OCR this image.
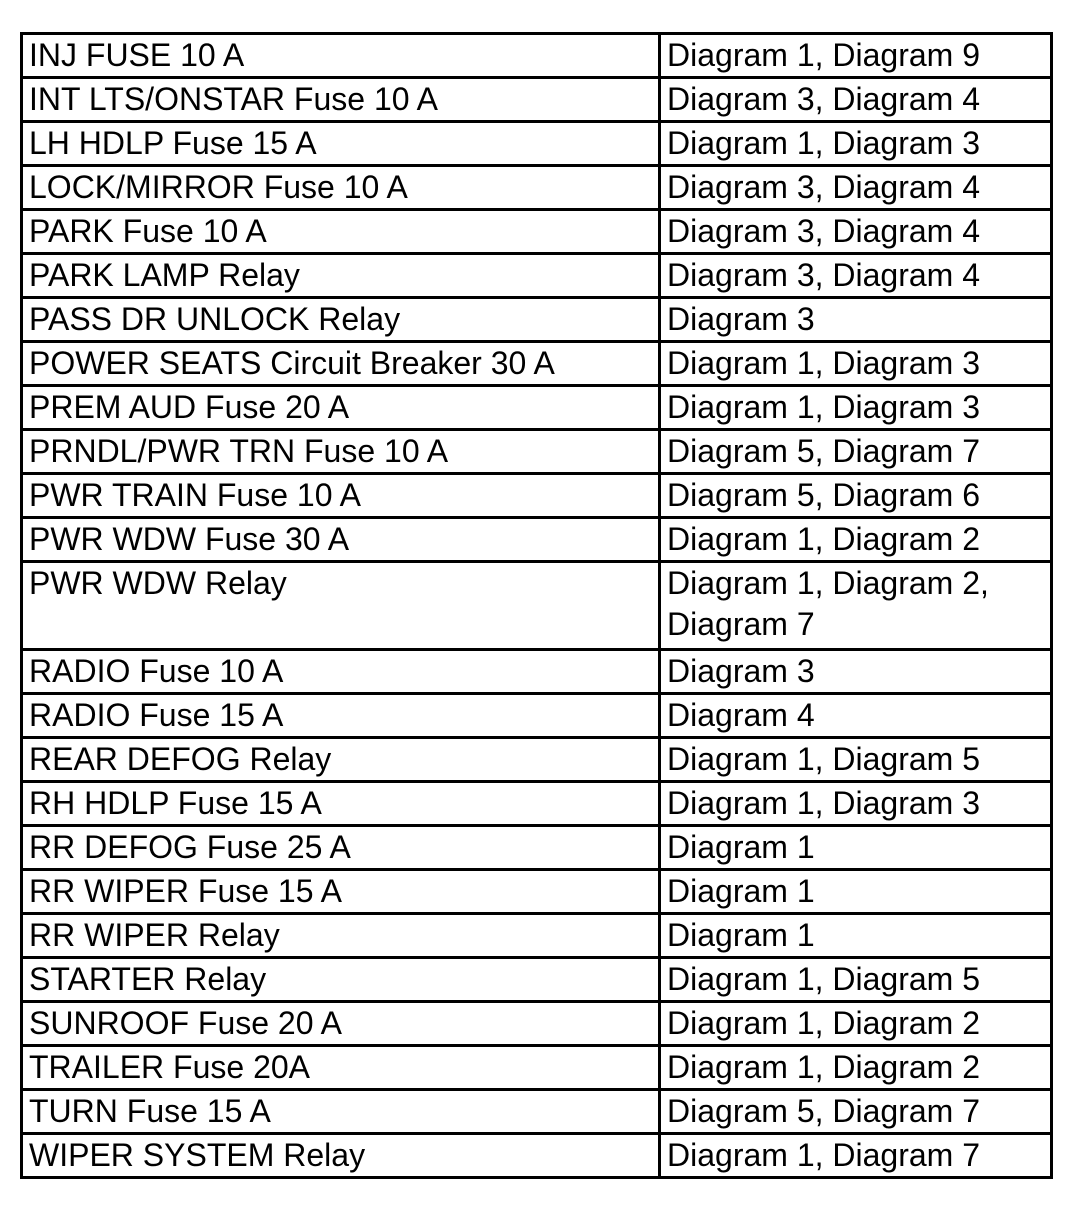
INJ FUSE 10 A	Diagram 1, Diagram 9
INT LTS/ONSTAR Fuse 10 A	Diagram 3, Diagram 4
LH HDLP Fuse 15 A	Diagram 1, Diagram 3
LOCK/MIRROR Fuse 10 A	Diagram 3, Diagram 4
PARK Fuse 10 A	Diagram 3, Diagram 4
PARK LAMP Relay	Diagram 3, Diagram 4
PASS DR UNLOCK Relay	Diagram 3
POWER SEATS Circuit Breaker 30 A	Diagram 1, Diagram 3
PREM AUD Fuse 20 A	Diagram 1, Diagram 3
PRNDL/PWR TRN Fuse 10 A	Diagram 5, Diagram 7
PWR TRAIN Fuse 10 A	Diagram 5, Diagram 6
PWR WDW Fuse 30 A	Diagram 1, Diagram 2
PWR WDW Relay	Diagram 1, Diagram 2, Diagram 7
RADIO Fuse 10 A	Diagram 3
RADIO Fuse 15 A	Diagram 4
REAR DEFOG Relay	Diagram 1, Diagram 5
RH HDLP Fuse 15 A	Diagram 1, Diagram 3
RR DEFOG Fuse 25 A	Diagram 1
RR WIPER Fuse 15 A	Diagram 1
RR WIPER Relay	Diagram 1
STARTER Relay	Diagram 1, Diagram 5
SUNROOF Fuse 20 A	Diagram 1, Diagram 2
TRAILER Fuse 20A	Diagram 1, Diagram 2
TURN Fuse 15 A	Diagram 5, Diagram 7
WIPER SYSTEM Relay	Diagram 1, Diagram 7
